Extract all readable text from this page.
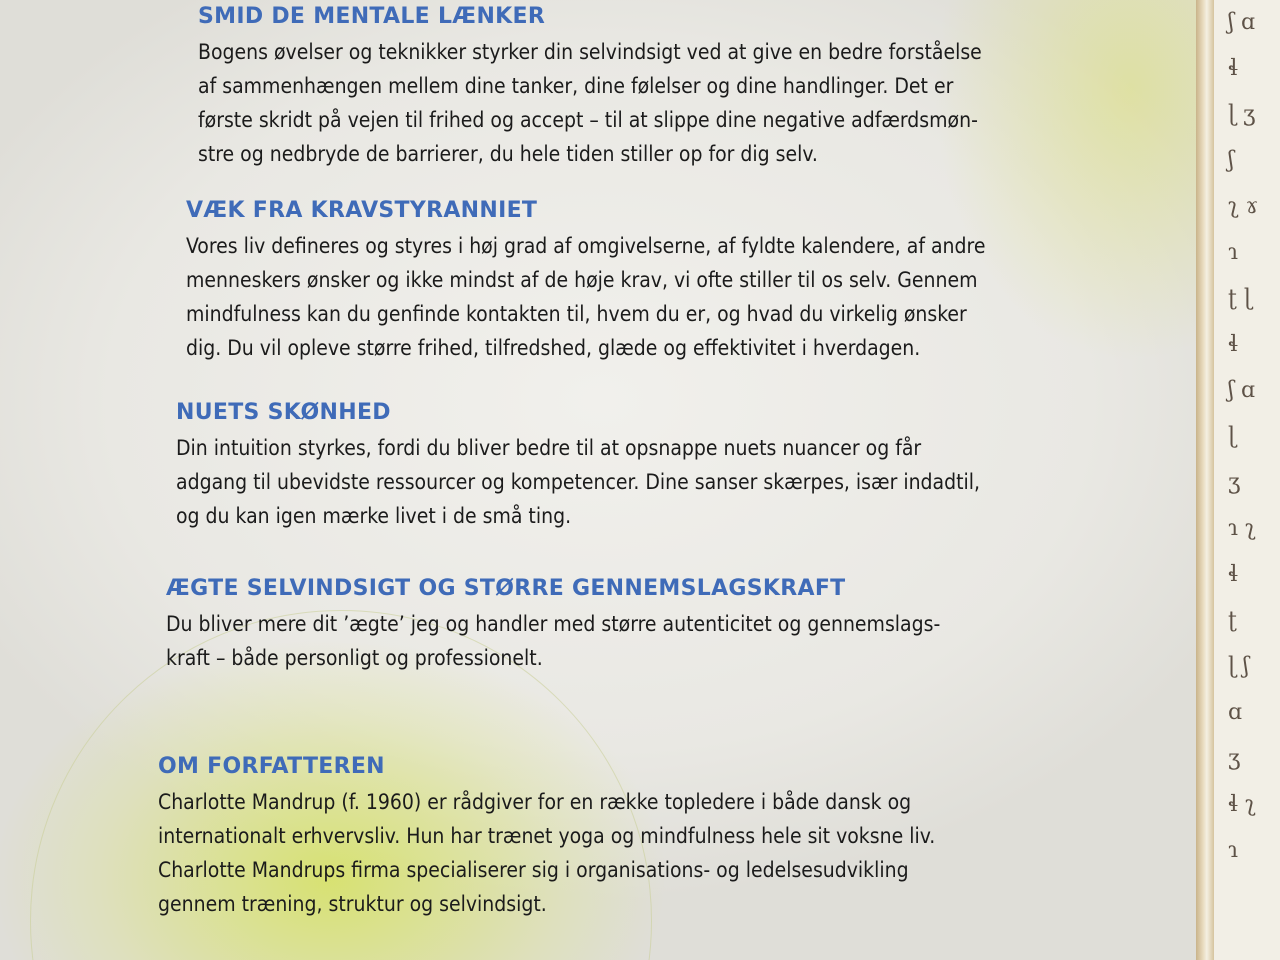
SMID DE MENTALE LÆNKER

Bogens øvelser og teknikker styrker din selvindsigt ved at give en bedre forståelse
af sammenhængen mellem dine tanker, dine følelser og dine handlinger. Det er
første skridt på vejen til frihed og accept – til at slippe dine negative adfærdsmøn-
stre og nedbryde de barrierer, du hele tiden stiller op for dig selv.

VÆK FRA KRAVSTYRANNIET

Vores liv defineres og styres i høj grad af omgivelserne, af fyldte kalendere, af andre
menneskers ønsker og ikke mindst af de høje krav, vi ofte stiller til os selv. Gennem
mindfulness kan du genfinde kontakten til, hvem du er, og hvad du virkelig ønsker
dig. Du vil opleve større frihed, tilfredshed, glæde og effektivitet i hverdagen.

NUETS SKØNHED

Din intuition styrkes, fordi du bliver bedre til at opsnappe nuets nuancer og får
adgang til ubevidste ressourcer og kompetencer. Dine sanser skærpes, især indadtil,
og du kan igen mærke livet i de små ting.

ÆGTE SELVINDSIGT OG STØRRE GENNEMSLAGSKRAFT

Du bliver mere dit ’ægte’ jeg og handler med større autenticitet og gennemslags-
kraft – både personligt og professionelt.

OM FORFATTEREN

Charlotte Mandrup (f. 1960) er rådgiver for en række topledere i både dansk og
internationalt erhvervsliv. Hun har trænet yoga og mindfulness hele sit voksne liv.
Charlotte Mandrups firma specialiserer sig i organisations- og ledelsesudvikling
gennem træning, struktur og selvindsigt.

ʃ ɑ
ɬ
ɭ ʒ
ʃ
ʅ ɤ
ɿ
ʈ ɭ
ɬ
ʃ ɑ
ɭ
ʒ
ɿ ʅ
ɬ
ʈ
ɭ ʃ
ɑ
ʒ
ɬ ʅ
ɿ
